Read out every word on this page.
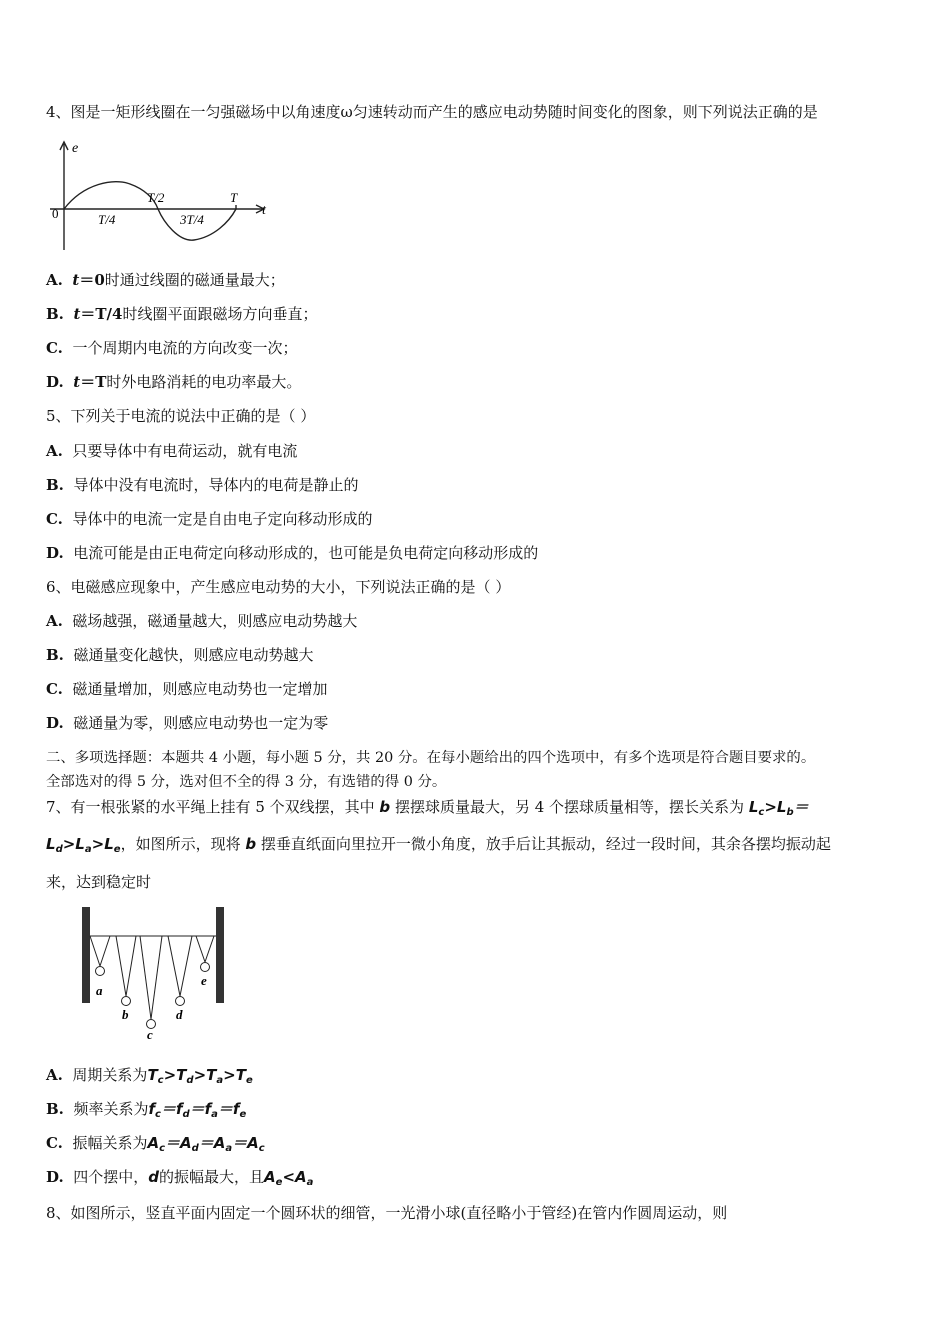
4、图是一矩形线圈在一匀强磁场中以角速度ω匀速转动而产生的感应电动势随时间变化的图象，则下列说法正确的是
e
t
0	T/4
T/2
3T/4
T
A. t＝0时通过线圈的磁通量最大；
B. t＝T/4时线圈平面跟磁场方向垂直；
C. 一个周期内电流的方向改变一次；
D. t＝T时外电路消耗的电功率最大。
5、下列关于电流的说法中正确的是（ ）
A. 只要导体中有电荷运动，就有电流
B. 导体中没有电流时，导体内的电荷是静止的
C. 导体中的电流一定是自由电子定向移动形成的
D. 电流可能是由正电荷定向移动形成的，也可能是负电荷定向移动形成的
6、电磁感应现象中，产生感应电动势的大小，下列说法正确的是（ ）
A. 磁场越强，磁通量越大，则感应电动势越大
B. 磁通量变化越快，则感应电动势越大
C. 磁通量增加，则感应电动势也一定增加
D. 磁通量为零，则感应电动势也一定为零
二、多项选择题：本题共 4 小题，每小题 5 分，共 20 分。在每小题给出的四个选项中，有多个选项是符合题目要求的。
全部选对的得 5 分，选对但不全的得 3 分，有选错的得 0 分。
7、有一根张紧的水平绳上挂有 5 个双线摆，其中 b 摆摆球质量最大，另 4 个摆球质量相等，摆长关系为 $L_c>L_b=$
$L_d>L_a>L_e$，如图所示，现将 b 摆垂直纸面向里拉开一微小角度，放手后让其振动，经过一段时间，其余各摆均振动起
来，达到稳定时
a
b
c
d
e
A. 周期关系为$T_c>T_d>T_a>T_e$
B. 频率关系为$f_c=f_d=f_a=f_e$
C. 振幅关系为$A_c=A_d=A_a=A_c$
D. 四个摆中，d的振幅最大，且$A_e<A_a$
8、如图所示，竖直平面内固定一个圆环状的细管，一光滑小球(直径略小于管经)在管内作圆周运动，则
